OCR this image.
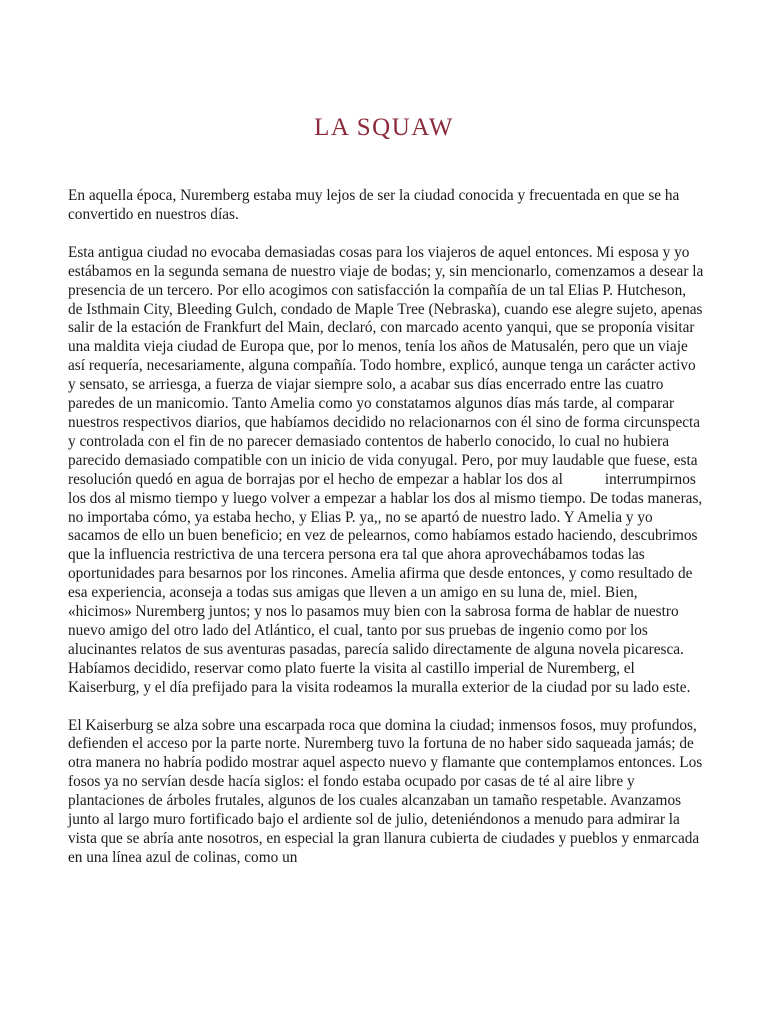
LA SQUAW

En aquella época, Nuremberg estaba muy lejos de ser la ciudad conocida y frecuentada en que se ha convertido en nuestros días.

Esta antigua ciudad no evocaba demasiadas cosas para los viajeros de aquel entonces. Mi esposa y yo estábamos en la segunda semana de nuestro viaje de bodas; y, sin mencionarlo, comenzamos a desear la presencia de un tercero. Por ello acogimos con satisfacción la compañía de un tal Elias P. Hutcheson, de Isthmain City, Bleeding Gulch, condado de Maple Tree (Nebraska), cuando ese alegre sujeto, apenas salir de la estación de Frankfurt del Main, declaró, con marcado acento yanqui, que se proponía visitar una maldita vieja ciudad de Europa que, por lo menos, tenía los años de Matusalén, pero que un viaje así requería, necesariamente, alguna compañía. Todo hombre, explicó, aunque tenga un carácter activo y sensato, se arriesga, a fuerza de viajar siempre solo, a acabar sus días encerrado entre las cuatro paredes de un manicomio. Tanto Amelia como yo constatamos algunos días más tarde, al comparar nuestros respectivos diarios, que habíamos decidido no relacionarnos con él sino de forma circunspecta y controlada con el fin de no parecer demasiado contentos de haberlo conocido, lo cual no hubiera parecido demasiado compatible con un inicio de vida conyugal. Pero, por muy laudable que fuese, esta resolución quedó en agua de borrajas por el hecho de empezar a hablar los dos al           interrumpirnos los dos al mismo tiempo y luego volver a empezar a hablar los dos al mismo tiempo. De todas maneras, no importaba cómo, ya estaba hecho, y Elias P. ya,, no se apartó de nuestro lado. Y Amelia y yo sacamos de ello un buen beneficio; en vez de pelearnos, como habíamos estado haciendo, descubrimos que la influencia restrictiva de una tercera persona era tal que ahora aprovechábamos todas las oportunidades para besarnos por los rincones. Amelia afirma que desde entonces, y como resultado de esa experiencia, aconseja a todas sus amigas que lleven a un amigo en su luna de, miel. Bien, «hicimos» Nuremberg juntos; y nos lo pasamos muy bien con la sabrosa forma de hablar de nuestro nuevo amigo del otro lado del Atlántico, el cual, tanto por sus pruebas de ingenio como por los alucinantes relatos de sus aventuras pasadas, parecía salido directamente de alguna novela picaresca. Habíamos decidido, reservar como plato fuerte la visita al castillo imperial de Nuremberg, el Kaiserburg, y el día prefijado para la visita rodeamos la muralla exterior de la ciudad por su lado este.

El Kaiserburg se alza sobre una escarpada roca que domina la ciudad; inmensos fosos, muy profundos, defienden el acceso por la parte norte. Nuremberg tuvo la fortuna de no haber sido saqueada jamás; de otra manera no habría podido mostrar aquel aspecto nuevo y flamante que contemplamos entonces. Los fosos ya no servían desde hacía siglos: el fondo estaba ocupado por casas de té al aire libre y plantaciones de árboles frutales, algunos de los cuales alcanzaban un tamaño respetable. Avanzamos junto al largo muro fortificado bajo el ardiente sol de julio, deteniéndonos a menudo para admirar la vista que se abría ante nosotros, en especial la gran llanura cubierta de ciudades y pueblos y enmarcada en una línea azul de colinas, como un
